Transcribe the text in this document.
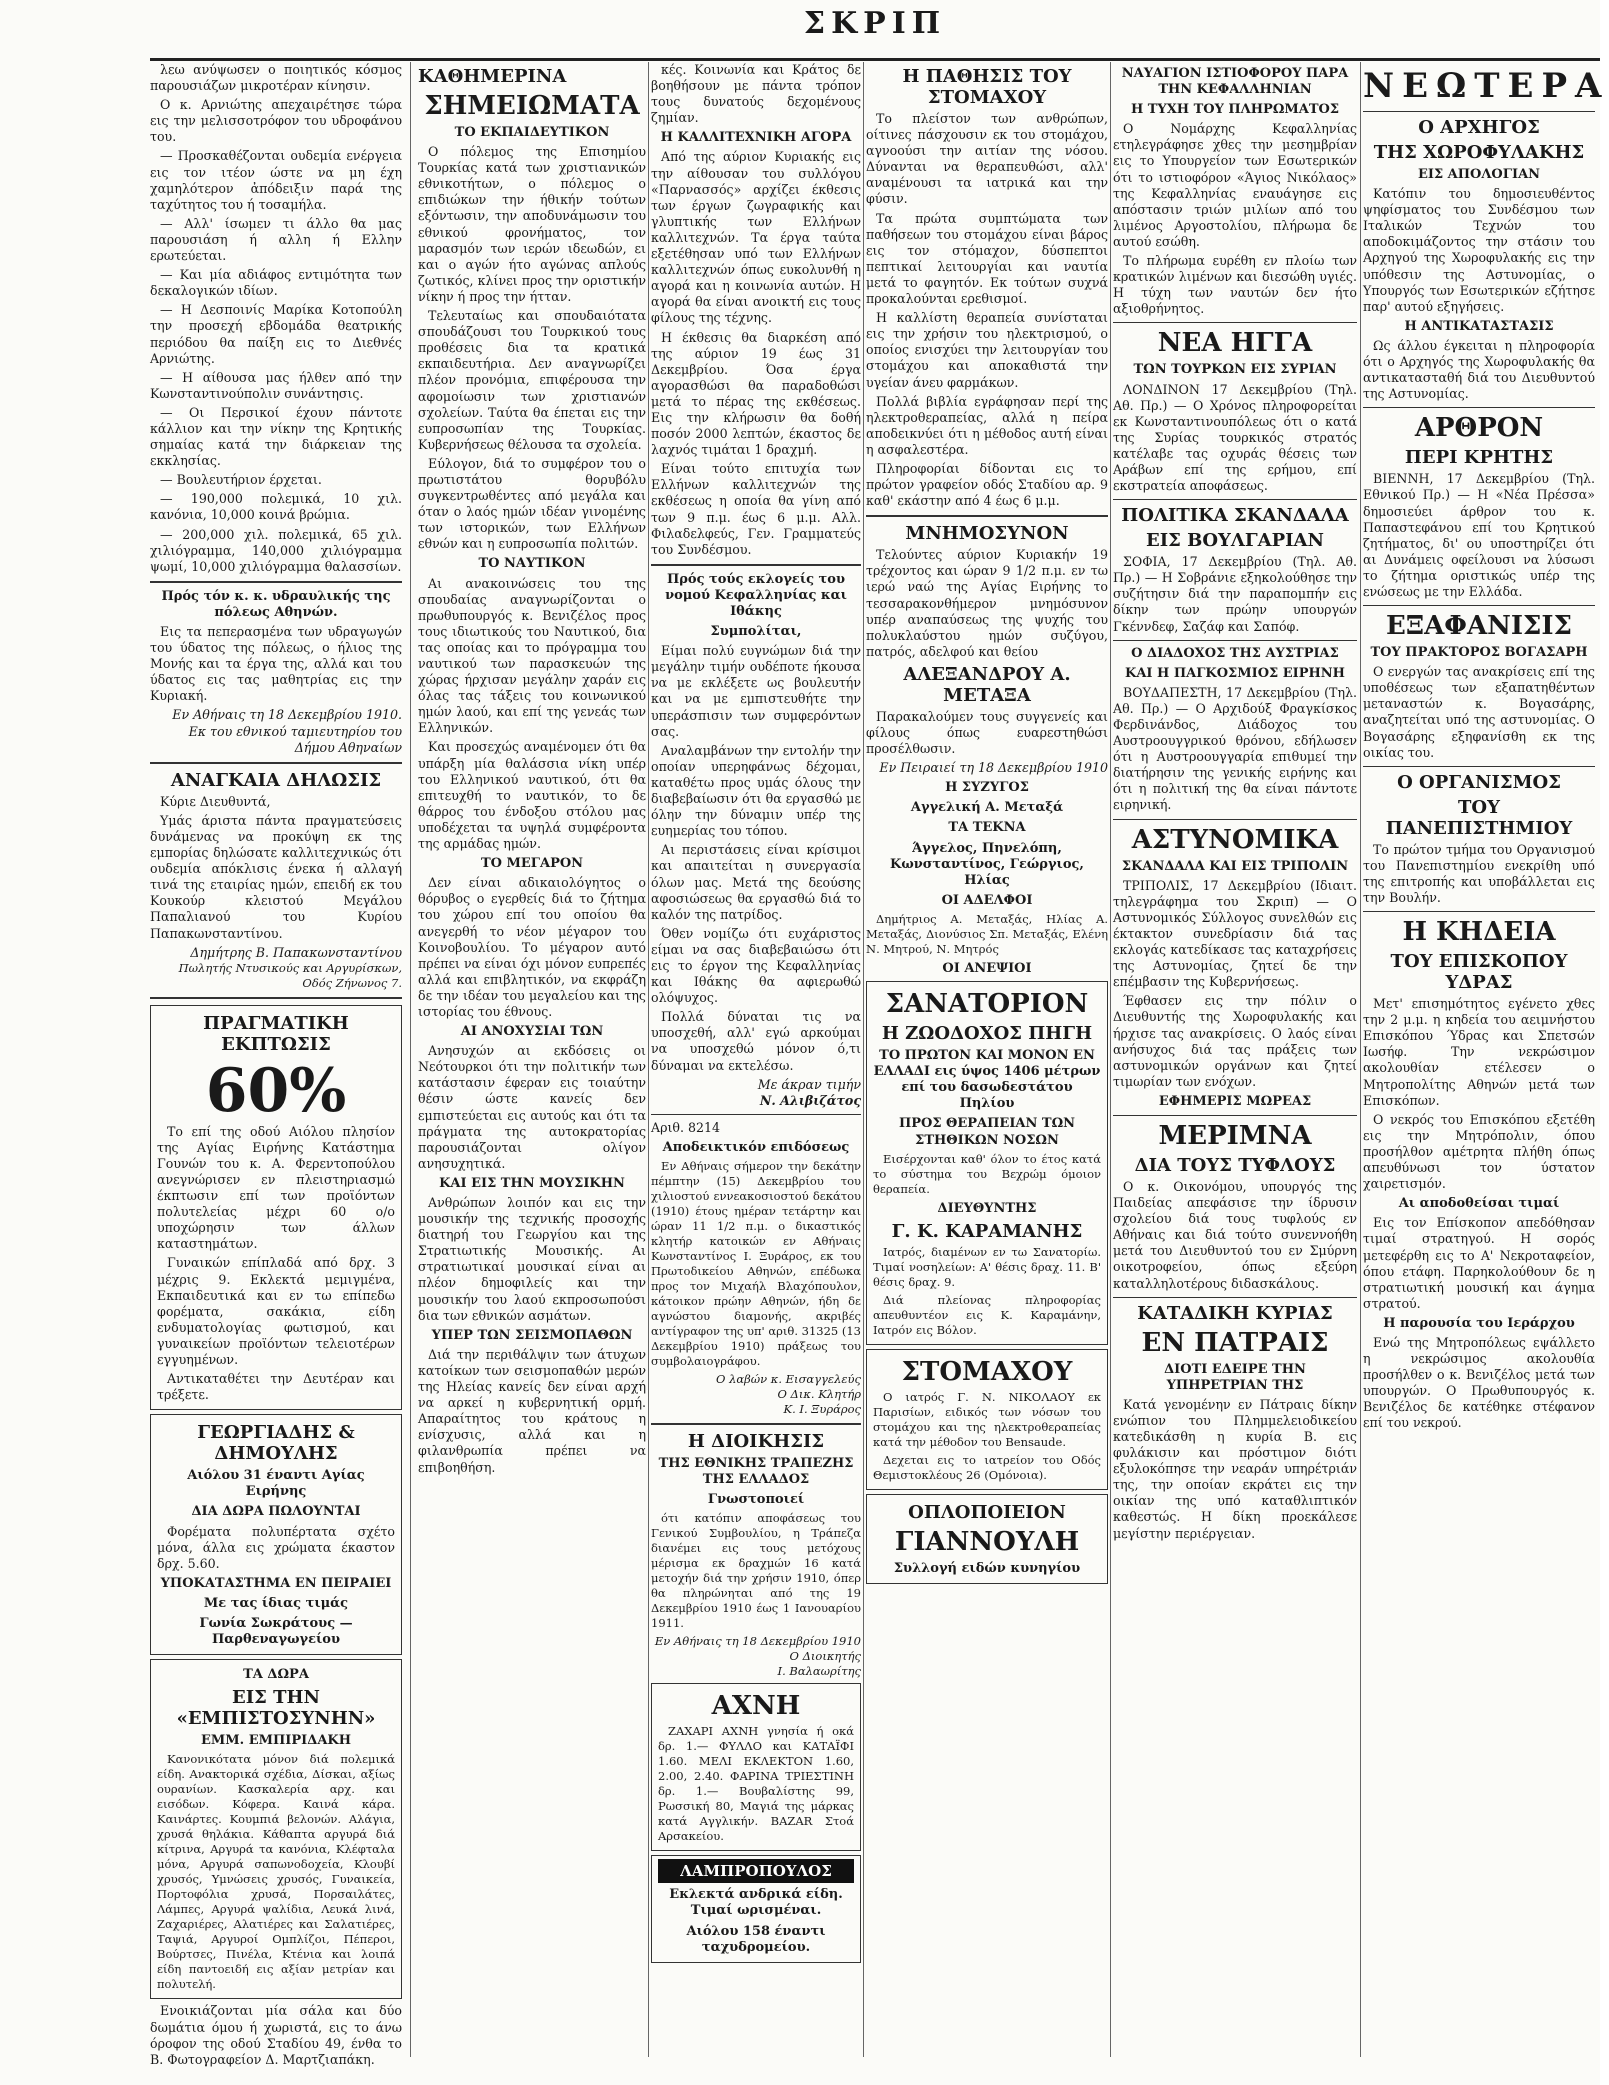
ΣΚΡΙΠ

λεω ανύψωσεν ο ποιητικός κόσμος παρουσιάζων μικροτέραν κίνησιν.

Ο κ. Αρνιώτης απεχαιρέτησε τώρα εις την μελισσοτρόφον του υδροφάνου του.

— Προσκαθέζονται ουδεμία ενέργεια εις τον ιτέον ώστε να μη έχη χαμηλότερον ἀπόδειξιν παρά της ταχύτητος του ή τοσαμήλα.

— Αλλ' ίσωμεν τι άλλο θα μας παρουσιάση ή αλλη ή Ελλην ερωτεύεται.

— Και μία αδιάφος εντιμότητα των δεκαλογικών ιδίων.

— Η Δεσποινίς Μαρίκα Κοτοπούλη την προσεχή εβδομάδα θεατρικής περιόδου θα παίξη εις το Διεθνές Αρνιώτης.

— Η αίθουσα μας ήλθεν από την Κωνσταντινούπολιν συνάντησις.

— Οι Περσικοί έχουν πάντοτε κάλλιον και την νίκην της Κρητικής σημαίας κατά την διάρκειαν της εκκλησίας.

— Βουλευτήριον έρχεται.

— 190,000 πολεμικά, 10 χιλ. κανόνια, 10,000 κοινά βρώμια.

— 200,000 χιλ. πολεμικά, 65 χιλ. χιλιόγραμμα, 140,000 χιλιόγραμμα ψωμί, 10,000 χιλιόγραμμα θαλασσίων.

Πρός τόν κ. κ. υδραυλικής της πόλεως Αθηνών.

Εις τα πεπερασμένα των υδραγωγών του ύδατος της πόλεως, ο ήλιος της Μονής και τα έργα της, αλλά και του ύδατος εις τας μαθητρίας εις την Κυριακή.

Εν Αθήναις τη 18 Δεκεμβρίου 1910.
Εκ του εθνικού ταμιευτηρίου του Δήμου Αθηναίων
ΑΝΑΓΚΑΙΑ ΔΗΛΩΣΙΣ

Κύριε Διευθυντά,

Υμάς άριστα πάντα πραγματεύσεις δυνάμενας να προκύψη εκ της εμπορίας δηλώσατε καλλιτεχνικώς ότι ουδεμία απόκλισις ένεκα ή αλλαγή τινά της εταιρίας ημών, επειδή εκ του Κουκούρ κλειστού Μεγάλου Παπαλιανού του Κυρίου Παπακωνσταντίνου.

Δημήτρης Β. Παπακωνσταντίνου
Πωλητής Ντυσικούς και Αργυρίσκων, Οδός Ζήνωνος 7.
ΠΡΑΓΜΑΤΙΚΗ ΕΚΠΤΩΣΙΣ
60%

Το επί της οδού Αιόλου πλησίον της Αγίας Ειρήνης Κατάστημα Γουνών του κ. Α. Φερεντοπούλου ανεγνώρισεν εν πλειστηριασμώ έκπτωσιν επί των προϊόντων πολυτελείας μέχρι 60 ο/ο υποχώρησιν των άλλων καταστημάτων.

Γυναικών επίπλαδά από δρχ. 3 μέχρις 9. Εκλεκτά μεμιγμένα, Εκπαιδευτικά και εν τω επίπεδω φορέματα, σακάκια, είδη ενδυματολογίας φωτισμού, και γυναικείων προϊόντων τελειοτέρων εγγυημένων.

Αντικαταθέτει την Δευτέραν και τρέξετε.

ΓΕΩΡΓΙΑΔΗΣ & ΔΗΜΟΥΛΗΣ
Αιόλου 31 έναντι Αγίας Ειρήνης
ΔΙΑ ΔΩΡΑ ΠΩΛΟΥΝΤΑΙ

Φορέματα πολυπέρτατα σχέτο μόνα, άλλα εις χρώματα έκαστον δρχ. 5.60.

ΥΠΟΚΑΤΑΣΤΗΜΑ ΕΝ ΠΕΙΡΑΙΕΙ
Με τας ίδιας τιμάς
Γωνία Σωκράτους — Παρθεναγωγείου
ΤΑ ΔΩΡΑ
ΕΙΣ ΤΗΝ «ΕΜΠΙΣΤΟΣΥΝΗΝ»
ΕΜΜ. ΕΜΠΙΡΙΔΑΚΗ

Κανονικότατα μόνον διά πολεμικά είδη. Ανακτορικά σχέδια, Δίσκαι, αξίως ουρανίων. Κασκαλερία αρχ. και εισόδων. Κόφερα. Καινά κάρα. Καινάρτες. Κουμπιά βελονών. Αλάγια, χρυσά θηλάκια. Κάθαπτα αργυρά διά κίτρινα, Αργυρά τα κανόνια, Κλέφταλα μόνα, Αργυρά σαπωνοδοχεία, Κλουβί χρυσός, Υμνώσεις χρυσός, Γυναικεία, Πορτοφόλια χρυσά, Πορσαιλάτες, Λάμπες, Αργυρά ψαλίδια, Λευκά λινά, Ζαχαριέρες, Αλατιέρες και Σαλατιέρες, Ταψιά, Αργυροί Ομπλίζοι, Πέπεροι, Βούρτσες, Πινέλα, Κτένια και λοιπά είδη παντοειδή εις αξίαν μετρίαν και πολυτελή.

Ενοικιάζονται μία σάλα και δύο δωμάτια όμου ή χωριστά, εις το άνω όροφον της οδού Σταδίου 49, ένθα το Β. Φωτογραφείον Δ. Μαρτζιαπάκη.

ΚΑΘΗΜΕΡΙΝΑ
ΣΗΜΕΙΩΜΑΤΑ
ΤΟ ΕΚΠΑΙΔΕΥΤΙΚΟΝ

Ο πόλεμος της Επισημίου Τουρκίας κατά των χριστιανικών εθνικοτήτων, ο πόλεμος ο επιδιώκων την ήθικήν τούτων εξόντωσιν, την αποδυνάμωσιν του εθνικού φρονήματος, τον μαρασμόν των ιερών ιδεωδών, ει και ο αγών ήτο αγώνας απλούς ζωτικός, κλίνει προς την οριστικήν νίκην ή προς την ήτταν.

Τελευταίως και σπουδαιότατα σπουδάζουσι του Τουρκικού τους προθέσεις δια τα κρατικά εκπαιδευτήρια. Δεν αναγνωρίζει πλέον προνόμια, επιφέρουσα την αφομοίωσιν των χριστιανών σχολείων. Ταύτα θα έπεται εις την ευπροσωπίαν της Τουρκίας. Κυβερνήσεως θέλουσα τα σχολεία.

Εύλογον, διά το συμφέρον του ο πρωτιστάτου θορυβόλυ συγκεντρωθέντες από μεγάλα και όταν ο λαός ημών ιδέαν γινομένης των ιστορικών, των Ελλήνων εθνών και η ευπροσωπία πολιτών.

ΤΟ ΝΑΥΤΙΚΟΝ

Αι ανακοινώσεις του της σπουδαίας αναγνωρίζονται ο πρωθυπουργός κ. Βενιζέλος προς τους ιδιωτικούς του Ναυτικού, δια τας οποίας και το πρόγραμμα του ναυτικού των παρασκευών της χώρας ήρχισαν μεγάλην χαράν εις όλας τας τάξεις του κοινωνικού ημών λαού, και επί της γενεάς των Ελληνικών.

Και προσεχώς αναμένομεν ότι θα υπάρξη μία θαλάσσια νίκη υπέρ του Ελληνικού ναυτικού, ότι θα επιτευχθή το ναυτικόν, το δε θάρρος του ένδοξου στόλου μας υποδέχεται τα υψηλά συμφέροντα της αρμάδας ημών.

ΤΟ ΜΕΓΑΡΟΝ

Δεν είναι αδικαιολόγητος ο θόρυβος ο εγερθείς διά το ζήτημα του χώρου επί του οποίου θα ανεγερθή το νέον μέγαρον του Κοινοβουλίου. Το μέγαρον αυτό πρέπει να είναι όχι μόνον ευπρεπές αλλά και επιβλητικόν, να εκφράζη δε την ιδέαν του μεγαλείου και της ιστορίας του έθνους.

ΑΙ ΑΝΟΧΥΣΙΑΙ ΤΩΝ

Ανησυχών αι εκδόσεις οι Νεότουρκοι ότι την πολιτικήν των κατάστασιν έφεραν εις τοιαύτην θέσιν ώστε κανείς δεν εμπιστεύεται εις αυτούς και ότι τα πράγματα της αυτοκρατορίας παρουσιάζονται ολίγον ανησυχητικά.

ΚΑΙ ΕΙΣ ΤΗΝ ΜΟΥΣΙΚΗΝ

Ανθρώπων λοιπόν και εις την μουσικήν της τεχνικής προσοχής διατηρή του Γεωργίου και της Στρατιωτικής Μουσικής. Αι στρατιωτικαί μουσικαί είναι αι πλέον δημοφιλείς και την μουσικήν του λαού εκπροσωπούσι δια των εθνικών ασμάτων.

ΥΠΕΡ ΤΩΝ ΣΕΙΣΜΟΠΑΘΩΝ

Διά την περιθάλψιν των άτυχων κατοίκων των σεισμοπαθών μερών της Ηλείας κανείς δεν είναι αρχή να αρκεί η κυβερνητική ορμή. Απαραίτητος του κράτους η ενίσχυσις, αλλά και η φιλανθρωπία πρέπει να επιβοηθήση.

κές. Κοινωνία και Κράτος δε βοηθήσουν με πάντα τρόπον τους δυνατούς δεχομένους ζημίαν.

Η ΚΑΛΛΙΤΕΧΝΙΚΗ ΑΓΟΡΑ

Από της αύριον Κυριακής εις την αίθουσαν του συλλόγου «Παρνασσός» αρχίζει έκθεσις των έργων ζωγραφικής και γλυπτικής των Ελλήνων καλλιτεχνών. Τα έργα ταύτα εξετέθησαν υπό των Ελλήνων καλλιτεχνών όπως ευκολυνθή η αγορά και η κοινωνία αυτών. Η αγορά θα είναι ανοικτή εις τους φίλους της τέχνης.

Η έκθεσις θα διαρκέση από της αύριον 19 έως 31 Δεκεμβρίου. Όσα έργα αγορασθώσι θα παραδοθώσι μετά το πέρας της εκθέσεως. Εις την κλήρωσιν θα δοθή ποσόν 2000 λεπτών, έκαστος δε λαχνός τιμάται 1 δραχμή.

Είναι τούτο επιτυχία των Ελλήνων καλλιτεχνών της εκθέσεως η οποία θα γίνη από των 9 π.μ. έως 6 μ.μ. Αλλ. Φιλαδελφεύς, Γεν. Γραμματεύς του Συνδέσμου.

Πρός τούς εκλογείς του νομού Κεφαλληνίας και Ιθάκης
Συμπολίται,

Είμαι πολύ ευγνώμων διά την μεγάλην τιμήν ουδέποτε ήκουσα να με εκλέξετε ως βουλευτήν και να με εμπιστευθήτε την υπεράσπισιν των συμφερόντων σας.

Αναλαμβάνων την εντολήν την οποίαν υπερηφάνως δέχομαι, καταθέτω προς υμάς όλους την διαβεβαίωσιν ότι θα εργασθώ με όλην την δύναμιν υπέρ της ευημερίας του τόπου.

Αι περιστάσεις είναι κρίσιμοι και απαιτείται η συνεργασία όλων μας. Μετά της δεούσης αφοσιώσεως θα εργασθώ διά το καλόν της πατρίδος.

Όθεν νομίζω ότι ευχάριστος είμαι να σας διαβεβαιώσω ότι εις το έργον της Κεφαλληνίας και Ιθάκης θα αφιερωθώ ολόψυχος.

Πολλά δύναται τις να υποσχεθή, αλλ' εγώ αρκούμαι να υποσχεθώ μόνον ό,τι δύναμαι να εκτελέσω.

Με άκραν τιμήν
Ν. Αλιβιζάτος
Αριθ. 8214
Αποδεικτικόν επιδόσεως

Εν Αθήναις σήμερον την δεκάτην πέμπτην (15) Δεκεμβρίου του χιλιοστού εννεακοσιοστού δεκάτου (1910) έτους ημέραν τετάρτην και ώραν 11 1/2 π.μ. ο δικαστικός κλητήρ κατοικών εν Αθήναις Κωνσταντίνος Ι. Ξυράρος, εκ του Πρωτοδικείου Αθηνών, επέδωκα προς τον Μιχαήλ Βλαχόπουλον, κάτοικον πρώην Αθηνών, ήδη δε αγνώστου διαμονής, ακριβές αντίγραφον της υπ' αριθ. 31325 (13 Δεκεμβρίου 1910) πράξεως του συμβολαιογράφου.

Ο λαβών κ. Εισαγγελεύς
Ο Δικ. Κλητήρ
Κ. Ι. Ξυράρος
Η ΔΙΟΙΚΗΣΙΣ
ΤΗΣ ΕΘΝΙΚΗΣ ΤΡΑΠΕΖΗΣ ΤΗΣ ΕΛΛΑΔΟΣ
Γνωστοποιεί

ότι κατόπιν αποφάσεως του Γενικού Συμβουλίου, η Τράπεζα διανέμει εις τους μετόχους μέρισμα εκ δραχμών 16 κατά μετοχήν διά την χρήσιν 1910, όπερ θα πληρώνηται από της 19 Δεκεμβρίου 1910 έως 1 Ιανουαρίου 1911.

Εν Αθήναις τη 18 Δεκεμβρίου 1910
Ο Διοικητής
Ι. Βαλαωρίτης
ΑΧΝΗ

ΖΑΧΑΡΙ ΑΧΝΗ γνησία ή οκά δρ. 1.— ΦΥΛΛΟ και ΚΑΤΑΪΦΙ 1.60. ΜΕΛΙ ΕΚΛΕΚΤΟΝ 1.60, 2.00, 2.40. ΦΑΡΙΝΑ ΤΡΙΕΣΤΙΝΗ δρ. 1.— Βουβαλίστης 99, Ρωσσική 80, Μαγιά της μάρκας κατά Αγγλικήν. BAZAR Στοά Αρσακείου.

ΛΑΜΠΡΟΠΟΥΛΟΣ
Εκλεκτά ανδρικά είδη. Τιμαί ωρισμέναι.
Αιόλου 158 έναντι ταχυδρομείου.
Η ΠΑΘΗΣΙΣ ΤΟΥ ΣΤΟΜΑΧΟΥ

Το πλείστον των ανθρώπων, οίτινες πάσχουσιν εκ του στομάχου, αγνοούσι την αιτίαν της νόσου. Δύνανται να θεραπευθώσι, αλλ' αναμένουσι τα ιατρικά και την φύσιν.

Τα πρώτα συμπτώματα των παθήσεων του στομάχου είναι βάρος εις τον στόμαχον, δύσπεπτοι πεπτικαί λειτουργίαι και ναυτία μετά το φαγητόν. Εκ τούτων συχνά προκαλούνται ερεθισμοί.

Η καλλίστη θεραπεία συνίσταται εις την χρήσιν του ηλεκτρισμού, ο οποίος ενισχύει την λειτουργίαν του στομάχου και αποκαθιστά την υγείαν άνευ φαρμάκων.

Πολλά βιβλία εγράφησαν περί της ηλεκτροθεραπείας, αλλά η πείρα αποδεικνύει ότι η μέθοδος αυτή είναι η ασφαλεστέρα.

Πληροφορίαι δίδονται εις το πρώτον γραφείον οδός Σταδίου αρ. 9 καθ' εκάστην από 4 έως 6 μ.μ.

ΜΝΗΜΟΣΥΝΟΝ

Τελούντες αύριον Κυριακήν 19 τρέχοντος και ώραν 9 1/2 π.μ. εν τω ιερώ ναώ της Αγίας Ειρήνης το τεσσαρακονθήμερον μνημόσυνον υπέρ αναπαύσεως της ψυχής του πολυκλαύστου ημών συζύγου, πατρός, αδελφού και θείου

ΑΛΕΞΑΝΔΡΟΥ Α. ΜΕΤΑΞΑ

Παρακαλούμεν τους συγγενείς και φίλους όπως ευαρεστηθώσι προσέλθωσιν.

Εν Πειραιεί τη 18 Δεκεμβρίου 1910
Η ΣΥΖΥΓΟΣ
Αγγελική Α. Μεταξά
ΤΑ ΤΕΚΝΑ
Άγγελος, Πηνελόπη, Κωνσταντίνος, Γεώργιος, Ηλίας
ΟΙ ΑΔΕΛΦΟΙ

Δημήτριος Α. Μεταξάς, Ηλίας Α. Μεταξάς, Διονύσιος Σπ. Μεταξάς, Ελένη Ν. Μητρού, Ν. Μητρός

ΟΙ ΑΝΕΨΙΟΙ
ΣΑΝΑΤΟΡΙΟΝ
Η ΖΩΟΔΟΧΟΣ ΠΗΓΗ
ΤΟ ΠΡΩΤΟΝ ΚΑΙ ΜΟΝΟΝ ΕΝ ΕΛΛΑΔΙ εις ύψος 1406 μέτρων επί του δασωδεστάτου Πηλίου
ΠΡΟΣ ΘΕΡΑΠΕΙΑΝ ΤΩΝ ΣΤΗΘΙΚΩΝ ΝΟΣΩΝ

Εισέρχονται καθ' όλον το έτος κατά το σύστημα του Βεχρώμ όμοιον θεραπεία.

ΔΙΕΥΘΥΝΤΗΣ
Γ. Κ. ΚΑΡΑΜΑΝΗΣ

Ιατρός, διαμένων εν τω Σανατορίω. Τιμαί νοσηλείων: Α' θέσις δραχ. 11. Β' θέσις δραχ. 9.

Διά πλείονας πληροφορίας απευθυντέον εις Κ. Καραμάνην, Ιατρόν εις Βόλον.

ΣΤΟΜΑΧΟΥ

Ο ιατρός Γ. Ν. ΝΙΚΟΛΑΟΥ εκ Παρισίων, ειδικός των νόσων του στομάχου και της ηλεκτροθεραπείας κατά την μέθοδον του Bensaude.

Δεχεται εις το ιατρείον του Οδός Θεμιστοκλέους 26 (Ομόνοια).

ΟΠΛΟΠΟΙΕΙΟΝ
ΓΙΑΝΝΟΥΛΗ
Συλλογή ειδών κυνηγίου
ΝΑΥΑΓΙΟΝ ΙΣΤΙΟΦΟΡΟΥ ΠΑΡΑ ΤΗΝ ΚΕΦΑΛΛΗΝΙΑΝ
Η ΤΥΧΗ ΤΟΥ ΠΛΗΡΩΜΑΤΟΣ

Ο Νομάρχης Κεφαλληνίας ετηλεγράφησε χθες την μεσημβρίαν εις το Υπουργείον των Εσωτερικών ότι το ιστιοφόρον «Άγιος Νικόλαος» της Κεφαλληνίας εναυάγησε εις απόστασιν τριών μιλίων από του λιμένος Αργοστολίου, πλήρωμα δε αυτού εσώθη.

Το πλήρωμα ευρέθη εν πλοίω των κρατικών λιμένων και διεσώθη υγιές. Η τύχη των ναυτών δεν ήτο αξιοθρήνητος.

ΝΕΑ ΗΓΓΑ
ΤΩΝ ΤΟΥΡΚΩΝ ΕΙΣ ΣΥΡΙΑΝ

ΛΟΝΔΙΝΟΝ 17 Δεκεμβρίου (Τηλ. Αθ. Πρ.) — Ο Χρόνος πληροφορείται εκ Κωνσταντινουπόλεως ότι ο κατά της Συρίας τουρκικός στρατός κατέλαβε τας οχυράς θέσεις των Αράβων επί της ερήμου, επί εκστρατεία αποφάσεως.

ΠΟΛΙΤΙΚΑ ΣΚΑΝΔΑΛΑ
ΕΙΣ ΒΟΥΛΓΑΡΙΑΝ

ΣΟΦΙΑ, 17 Δεκεμβρίου (Τηλ. Αθ. Πρ.) — Η Σοβράνιε εξηκολούθησε την συζήτησιν διά την παραπομπήν εις δίκην των πρώην υπουργών Γκέννδεφ, Σαζάφ και Σαπόφ.

Ο ΔΙΑΔΟΧΟΣ ΤΗΣ ΑΥΣΤΡΙΑΣ
ΚΑΙ Η ΠΑΓΚΟΣΜΙΟΣ ΕΙΡΗΝΗ

ΒΟΥΔΑΠΕΣΤΗ, 17 Δεκεμβρίου (Τηλ. Αθ. Πρ.) — Ο Αρχιδούξ Φραγκίσκος Φερδινάνδος, Διάδοχος του Αυστροουγγρικού θρόνου, εδήλωσεν ότι η Αυστροουγγαρία επιθυμεί την διατήρησιν της γενικής ειρήνης και ότι η πολιτική της θα είναι πάντοτε ειρηνική.

ΑΣΤΥΝΟΜΙΚΑ
ΣΚΑΝΔΑΛΑ ΚΑΙ ΕΙΣ ΤΡΙΠΟΛΙΝ

ΤΡΙΠΟΛΙΣ, 17 Δεκεμβρίου (Ιδιαιτ. τηλεγράφημα του Σκριπ) — Ο Αστυνομικός Σύλλογος συνελθών εις έκτακτον συνεδρίασιν διά τας εκλογάς κατεδίκασε τας καταχρήσεις της Αστυνομίας, ζητεί δε την επέμβασιν της Κυβερνήσεως.

Έφθασεν εις την πόλιν ο Διευθυντής της Χωροφυλακής και ήρχισε τας ανακρίσεις. Ο λαός είναι ανήσυχος διά τας πράξεις των αστυνομικών οργάνων και ζητεί τιμωρίαν των ενόχων.

ΕΦΗΜΕΡΙΣ ΜΩΡΕΑΣ
ΜΕΡΙΜΝΑ
ΔΙΑ ΤΟΥΣ ΤΥΦΛΟΥΣ

Ο κ. Οικονόμου, υπουργός της Παιδείας απεφάσισε την ίδρυσιν σχολείου διά τους τυφλούς εν Αθήναις και διά τούτο συνεννοήθη μετά του Διευθυντού του εν Σμύρνη οικοτροφείου, όπως εξεύρη καταλληλοτέρους διδασκάλους.

ΚΑΤΑΔΙΚΗ ΚΥΡΙΑΣ
ΕΝ ΠΑΤΡΑΙΣ
ΔΙΟΤΙ ΕΔΕΙΡΕ ΤΗΝ ΥΠΗΡΕΤΡΙΑΝ ΤΗΣ

Κατά γενομένην εν Πάτραις δίκην ενώπιον του Πλημμελειοδικείου κατεδικάσθη η κυρία Β. εις φυλάκισιν και πρόστιμον διότι εξυλοκόπησε την νεαράν υπηρέτριάν της, την οποίαν εκράτει εις την οικίαν της υπό καταθλιπτικόν καθεστώς. Η δίκη προεκάλεσε μεγίστην περιέργειαν.

ΝΕΩΤΕΡΑ
Ο ΑΡΧΗΓΟΣ
ΤΗΣ ΧΩΡΟΦΥΛΑΚΗΣ
ΕΙΣ ΑΠΟΛΟΓΙΑΝ

Κατόπιν του δημοσιευθέντος ψηφίσματος του Συνδέσμου των Ιταλικών Τεχνών του αποδοκιμάζοντος την στάσιν του Αρχηγού της Χωροφυλακής εις την υπόθεσιν της Αστυνομίας, ο Υπουργός των Εσωτερικών εζήτησε παρ' αυτού εξηγήσεις.

Η ΑΝΤΙΚΑΤΑΣΤΑΣΙΣ

Ως άλλου έγκειται η πληροφορία ότι ο Αρχηγός της Χωροφυλακής θα αντικατασταθή διά του Διευθυντού της Αστυνομίας.

ΑΡΘΡΟΝ
ΠΕΡΙ ΚΡΗΤΗΣ

ΒΙΕΝΝΗ, 17 Δεκεμβρίου (Τηλ. Εθνικού Πρ.) — Η «Νέα Πρέσσα» δημοσιεύει άρθρον του κ. Παπαστεφάνου επί του Κρητικού ζητήματος, δι' ου υποστηρίζει ότι αι Δυνάμεις οφείλουσι να λύσωσι το ζήτημα οριστικώς υπέρ της ενώσεως με την Ελλάδα.

ΕΞΑΦΑΝΙΣΙΣ
ΤΟΥ ΠΡΑΚΤΟΡΟΣ ΒΟΓΑΣΑΡΗ

Ο ενεργών τας ανακρίσεις επί της υποθέσεως των εξαπατηθέντων μεταναστών κ. Βογασάρης, αναζητείται υπό της αστυνομίας. Ο Βογασάρης εξηφανίσθη εκ της οικίας του.

Ο ΟΡΓΑΝΙΣΜΟΣ
ΤΟΥ ΠΑΝΕΠΙΣΤΗΜΙΟΥ

Το πρώτον τμήμα του Οργανισμού του Πανεπιστημίου ενεκρίθη υπό της επιτροπής και υποβάλλεται εις την Βουλήν.

Η ΚΗΔΕΙΑ
ΤΟΥ ΕΠΙΣΚΟΠΟΥ ΥΔΡΑΣ

Μετ' επισημότητος εγένετο χθες την 2 μ.μ. η κηδεία του αειμνήστου Επισκόπου Ύδρας και Σπετσών Ιωσήφ. Την νεκρώσιμον ακολουθίαν ετέλεσεν ο Μητροπολίτης Αθηνών μετά των Επισκόπων.

Ο νεκρός του Επισκόπου εξετέθη εις την Μητρόπολιν, όπου προσήλθον αμέτρητα πλήθη όπως απευθύνωσι τον ύστατον χαιρετισμόν.

Αι αποδοθείσαι τιμαί

Εις τον Επίσκοπον απεδόθησαν τιμαί στρατηγού. Η σορός μετεφέρθη εις το Α' Νεκροταφείον, όπου ετάφη. Παρηκολούθουν δε η στρατιωτική μουσική και άγημα στρατού.

Η παρουσία του Ιεράρχου

Ενώ της Μητροπόλεως εψάλλετο η νεκρώσιμος ακολουθία προσήλθεν ο κ. Βενιζέλος μετά των υπουργών. Ο Πρωθυπουργός κ. Βενιζέλος δε κατέθηκε στέφανον επί του νεκρού.
